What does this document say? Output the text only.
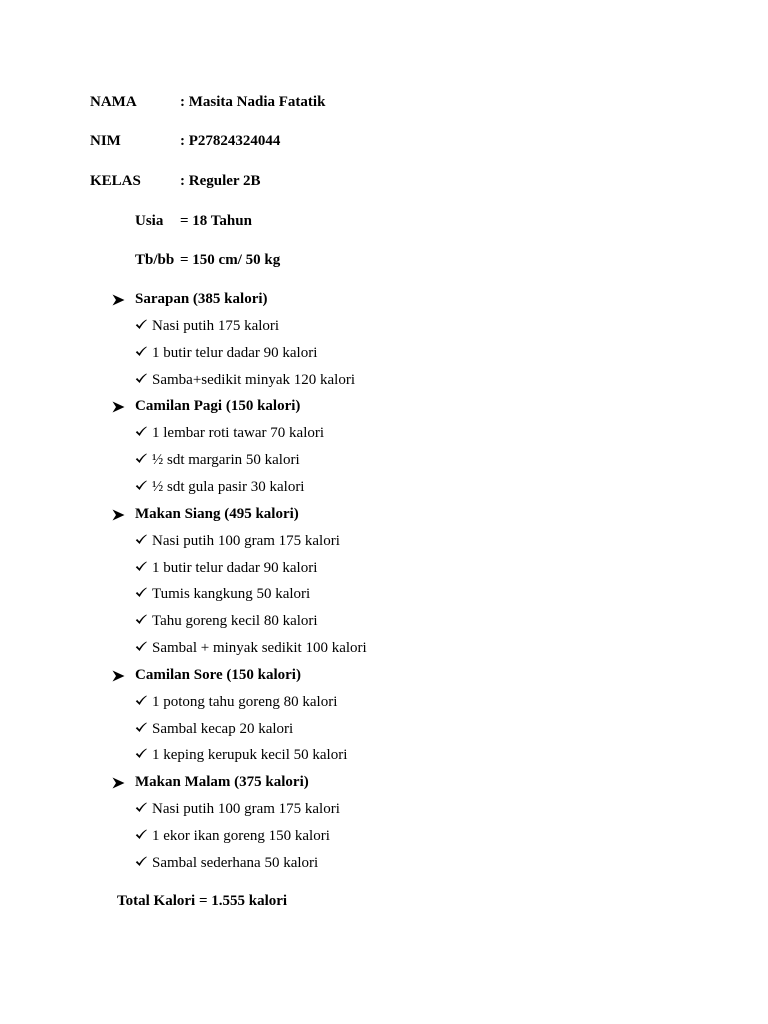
NAMA	: Masita Nadia Fatatik
NIM	: P27824324044
KELAS	: Reguler 2B
Usia = 18 Tahun
Tb/bb = 150 cm/ 50 kg
Sarapan (385 kalori)
Nasi putih 175 kalori
1 butir telur dadar 90 kalori
Samba+sedikit minyak 120 kalori
Camilan Pagi (150 kalori)
1 lembar roti tawar 70 kalori
½ sdt margarin 50 kalori
½ sdt gula pasir 30 kalori
Makan Siang (495 kalori)
Nasi putih 100 gram 175 kalori
1 butir telur dadar 90 kalori
Tumis kangkung 50 kalori
Tahu goreng kecil 80 kalori
Sambal + minyak sedikit 100 kalori
Camilan Sore (150 kalori)
1 potong tahu goreng 80 kalori
Sambal kecap 20 kalori
1 keping kerupuk kecil 50 kalori
Makan Malam (375 kalori)
Nasi putih 100 gram 175 kalori
1 ekor ikan goreng 150 kalori
Sambal sederhana 50 kalori
Total Kalori = 1.555 kalori
